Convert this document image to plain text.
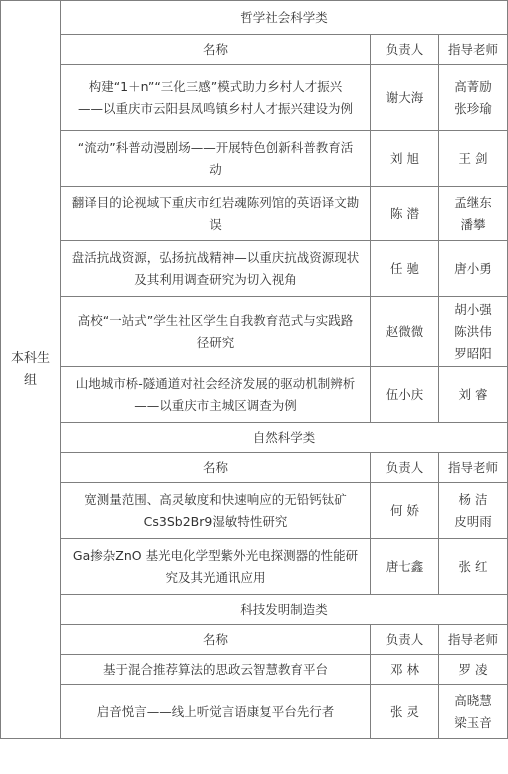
本科生组	哲学社会科学类		
	名称	负责人	指导老师

	构建“1＋n”“三化三感”模式助力乡村人才振兴
——以重庆市云阳县凤鸣镇乡村人才振兴建设为例	谢大海	高菁励
张珍瑜

	“流动”科普动漫剧场——开展特色创新科普教育活
动	刘 旭	王 剑

	翻译目的论视域下重庆市红岩魂陈列馆的英语译文勘
误	陈 潜	孟继东
潘攀

	盘活抗战资源，弘扬抗战精神—以重庆抗战资源现状
及其利用调查研究为切入视角	任 驰	唐小勇

	高校“一站式”学生社区学生自我教育范式与实践路
径研究	赵微微	胡小强
陈洪伟
罗昭阳

	山地城市桥-隧通道对社会经济发展的驱动机制辨析
——以重庆市主城区调查为例	伍小庆	刘 睿

	自然科学类		
	名称	负责人	指导老师

	宽测量范围、高灵敏度和快速响应的无铅钙钛矿
Cs3Sb2Br9湿敏特性研究	何 娇	杨 洁
皮明雨

	Ga掺杂ZnO 基光电化学型紫外光电探测器的性能研
究及其光通讯应用	唐七鑫	张 红

	科技发明制造类		
	名称	负责人	指导老师

	基于混合推荐算法的思政云智慧教育平台	邓 林	罗 凌

	启音悦言——线上听觉言语康复平台先行者	张 灵	高晓慧
梁玉音
